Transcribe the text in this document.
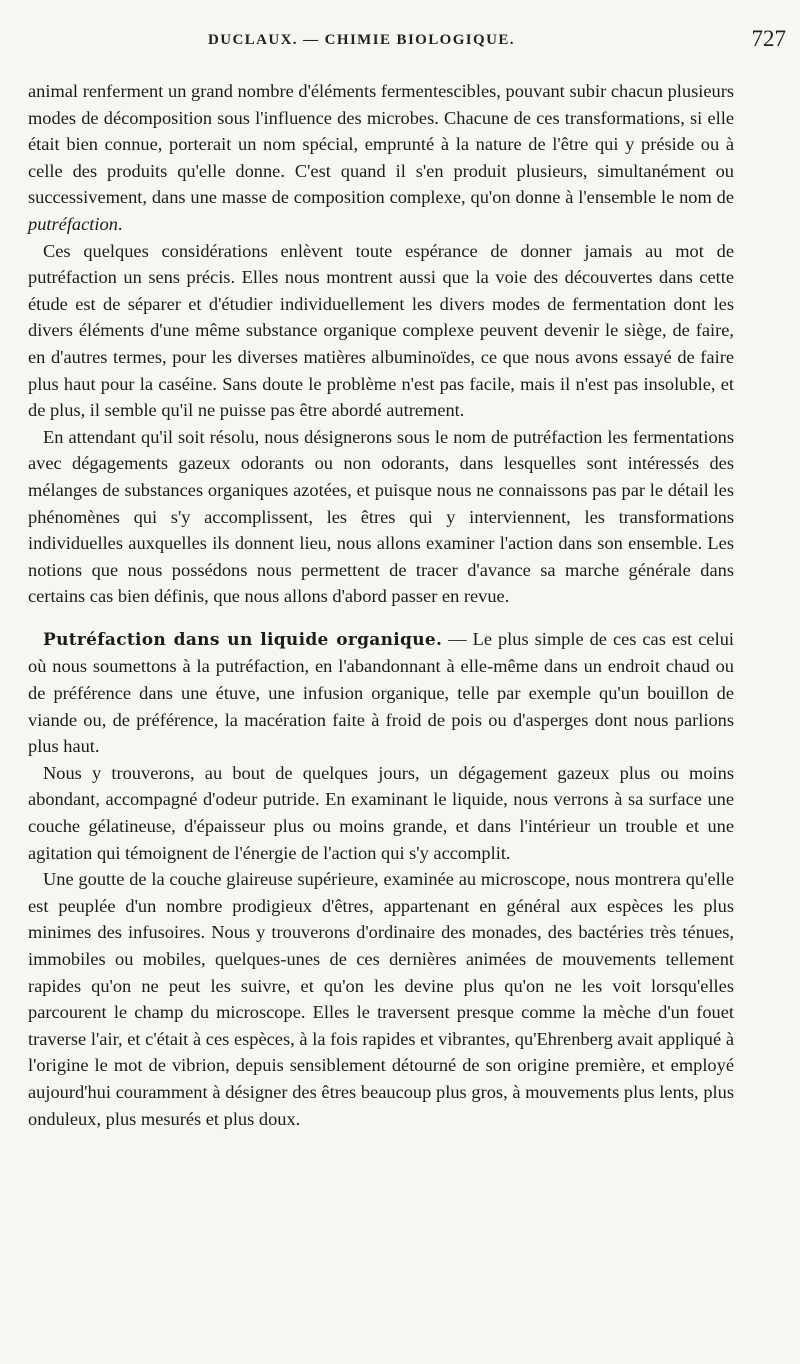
DUCLAUX. — CHIMIE BIOLOGIQUE.	727

animal renferment un grand nombre d'éléments fermentescibles, pouvant subir chacun plusieurs modes de décomposition sous l'influence des microbes. Chacune de ces transformations, si elle était bien connue, porterait un nom spécial, emprunté à la nature de l'être qui y préside ou à celle des produits qu'elle donne. C'est quand il s'en produit plusieurs, simultanément ou successivement, dans une masse de composition complexe, qu'on donne à l'ensemble le nom de putréfaction.

Ces quelques considérations enlèvent toute espérance de donner jamais au mot de putréfaction un sens précis. Elles nous montrent aussi que la voie des découvertes dans cette étude est de séparer et d'étudier individuellement les divers modes de fermentation dont les divers éléments d'une même substance organique complexe peuvent devenir le siège, de faire, en d'autres termes, pour les diverses matières albuminoïdes, ce que nous avons essayé de faire plus haut pour la caséine. Sans doute le problème n'est pas facile, mais il n'est pas insoluble, et de plus, il semble qu'il ne puisse pas être abordé autrement.

En attendant qu'il soit résolu, nous désignerons sous le nom de putréfaction les fermentations avec dégagements gazeux odorants ou non odorants, dans lesquelles sont intéressés des mélanges de substances organiques azotées, et puisque nous ne connaissons pas par le détail les phénomènes qui s'y accomplissent, les êtres qui y interviennent, les transformations individuelles auxquelles ils donnent lieu, nous allons examiner l'action dans son ensemble. Les notions que nous possédons nous permettent de tracer d'avance sa marche générale dans certains cas bien définis, que nous allons d'abord passer en revue.

Putréfaction dans un liquide organique. — Le plus simple de ces cas est celui où nous soumettons à la putréfaction, en l'abandonnant à elle-même dans un endroit chaud ou de préférence dans une étuve, une infusion organique, telle par exemple qu'un bouillon de viande ou, de préférence, la macération faite à froid de pois ou d'asperges dont nous parlions plus haut.

Nous y trouverons, au bout de quelques jours, un dégagement gazeux plus ou moins abondant, accompagné d'odeur putride. En examinant le liquide, nous verrons à sa surface une couche gélatineuse, d'épaisseur plus ou moins grande, et dans l'intérieur un trouble et une agitation qui témoignent de l'énergie de l'action qui s'y accomplit.

Une goutte de la couche glaireuse supérieure, examinée au microscope, nous montrera qu'elle est peuplée d'un nombre prodigieux d'êtres, appartenant en général aux espèces les plus minimes des infusoires. Nous y trouverons d'ordinaire des monades, des bactéries très ténues, immobiles ou mobiles, quelques-unes de ces dernières animées de mouvements tellement rapides qu'on ne peut les suivre, et qu'on les devine plus qu'on ne les voit lorsqu'elles parcourent le champ du microscope. Elles le traversent presque comme la mèche d'un fouet traverse l'air, et c'était à ces espèces, à la fois rapides et vibrantes, qu'Ehrenberg avait appliqué à l'origine le mot de vibrion, depuis sensiblement détourné de son origine première, et employé aujourd'hui couramment à désigner des êtres beaucoup plus gros, à mouvements plus lents, plus onduleux, plus mesurés et plus doux.
